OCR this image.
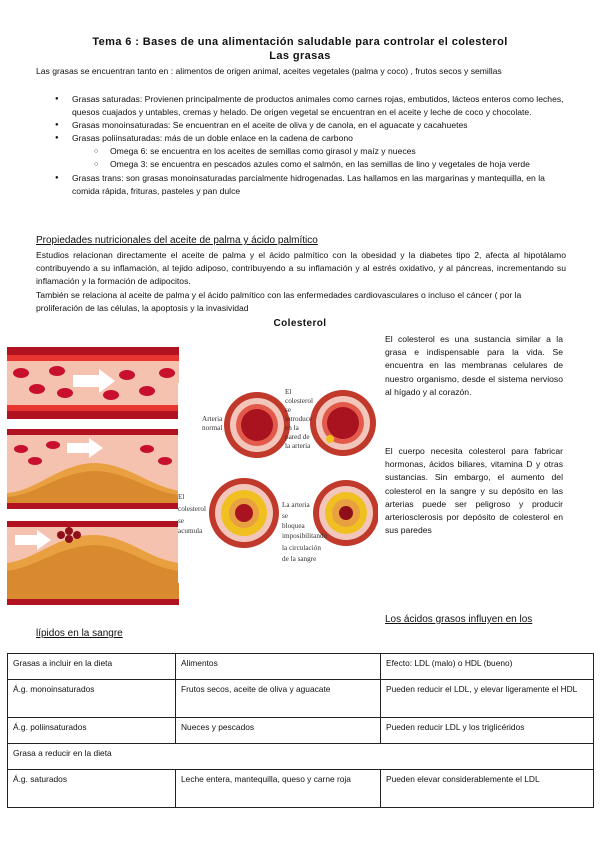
Tema 6 : Bases de una alimentación saludable para controlar el colesterol
Las grasas
Las grasas se encuentran tanto en : alimentos de origen animal, aceites vegetales (palma y coco) , frutos secos y semillas
● Grasas saturadas: Provienen principalmente de productos animales como carnes rojas, embutidos, lácteos enteros como leches, quesos cuajados y untables, cremas y helado. De origen vegetal se encuentran en el aceite y leche de coco y chocolate.
● Grasas monoinsaturadas: Se encuentran en el aceite de oliva y de canola, en el aguacate y cacahuetes
● Grasas poliinsaturadas: más de un doble enlace en la cadena de carbono
○ Omega 6: se encuentra en los aceites de semillas como girasol y maíz y nueces
○ Omega 3: se encuentra en pescados azules como el salmón, en las semillas de lino y vegetales de hoja verde
● Grasas trans: son grasas monoinsaturadas parcialmente hidrogenadas. Las hallamos en las margarinas y mantequilla, en la comida rápida, frituras, pasteles y pan dulce
Propiedades nutricionales del aceite de palma y ácido palmítico
Estudios relacionan directamente el aceite de palma y el ácido palmítico con la obesidad y la diabetes tipo 2, afecta al hipotálamo contribuyendo a su inflamación, al tejido adiposo, contribuyendo a su inflamación y al estrés oxidativo, y al páncreas, incrementando su inflamación y la formación de adipocitos.
También se relaciona al aceite de palma y el ácido palmítico con las enfermedades cardiovasculares o incluso el cáncer ( por la proliferación de las células, la apoptosis y la invasividad
Colesterol
Arteria
normal
El
colesterol
se
introduce
en la
pared de
la arteria
El
colesterol
se
acumula
La arteria
se
bloquea
imposibilitando
la circulación
de la sangre
El colesterol es una sustancia similar a la grasa e indispensable para la vida. Se encuentra en las membranas celulares de nuestro organismo, desde el sistema nervioso al hígado y al corazón.
El cuerpo necesita colesterol para fabricar hormonas, ácidos biliares, vitamina D y otras sustancias. Sin embargo, el aumento del colesterol en la sangre y su depósito en las arterias puede ser peligroso y producir arteriosclerosis por depósito de colesterol en sus paredes
Los ácidos grasos influyen en los
lípidos en la sangre
Grasas a incluir en la dieta	Alimentos	Efecto: LDL (malo) o HDL (bueno)
Á.g. monoinsaturados	Frutos secos, aceite de oliva y aguacate	Pueden reducir el LDL, y elevar ligeramente el HDL
Á.g. poliinsaturados	Nueces y pescados	Pueden reducir LDL y los triglicéridos
Grasa a reducir en la dieta		
Á.g. saturados	Leche entera, mantequilla, queso y carne roja	Pueden elevar considerablemente el LDL
